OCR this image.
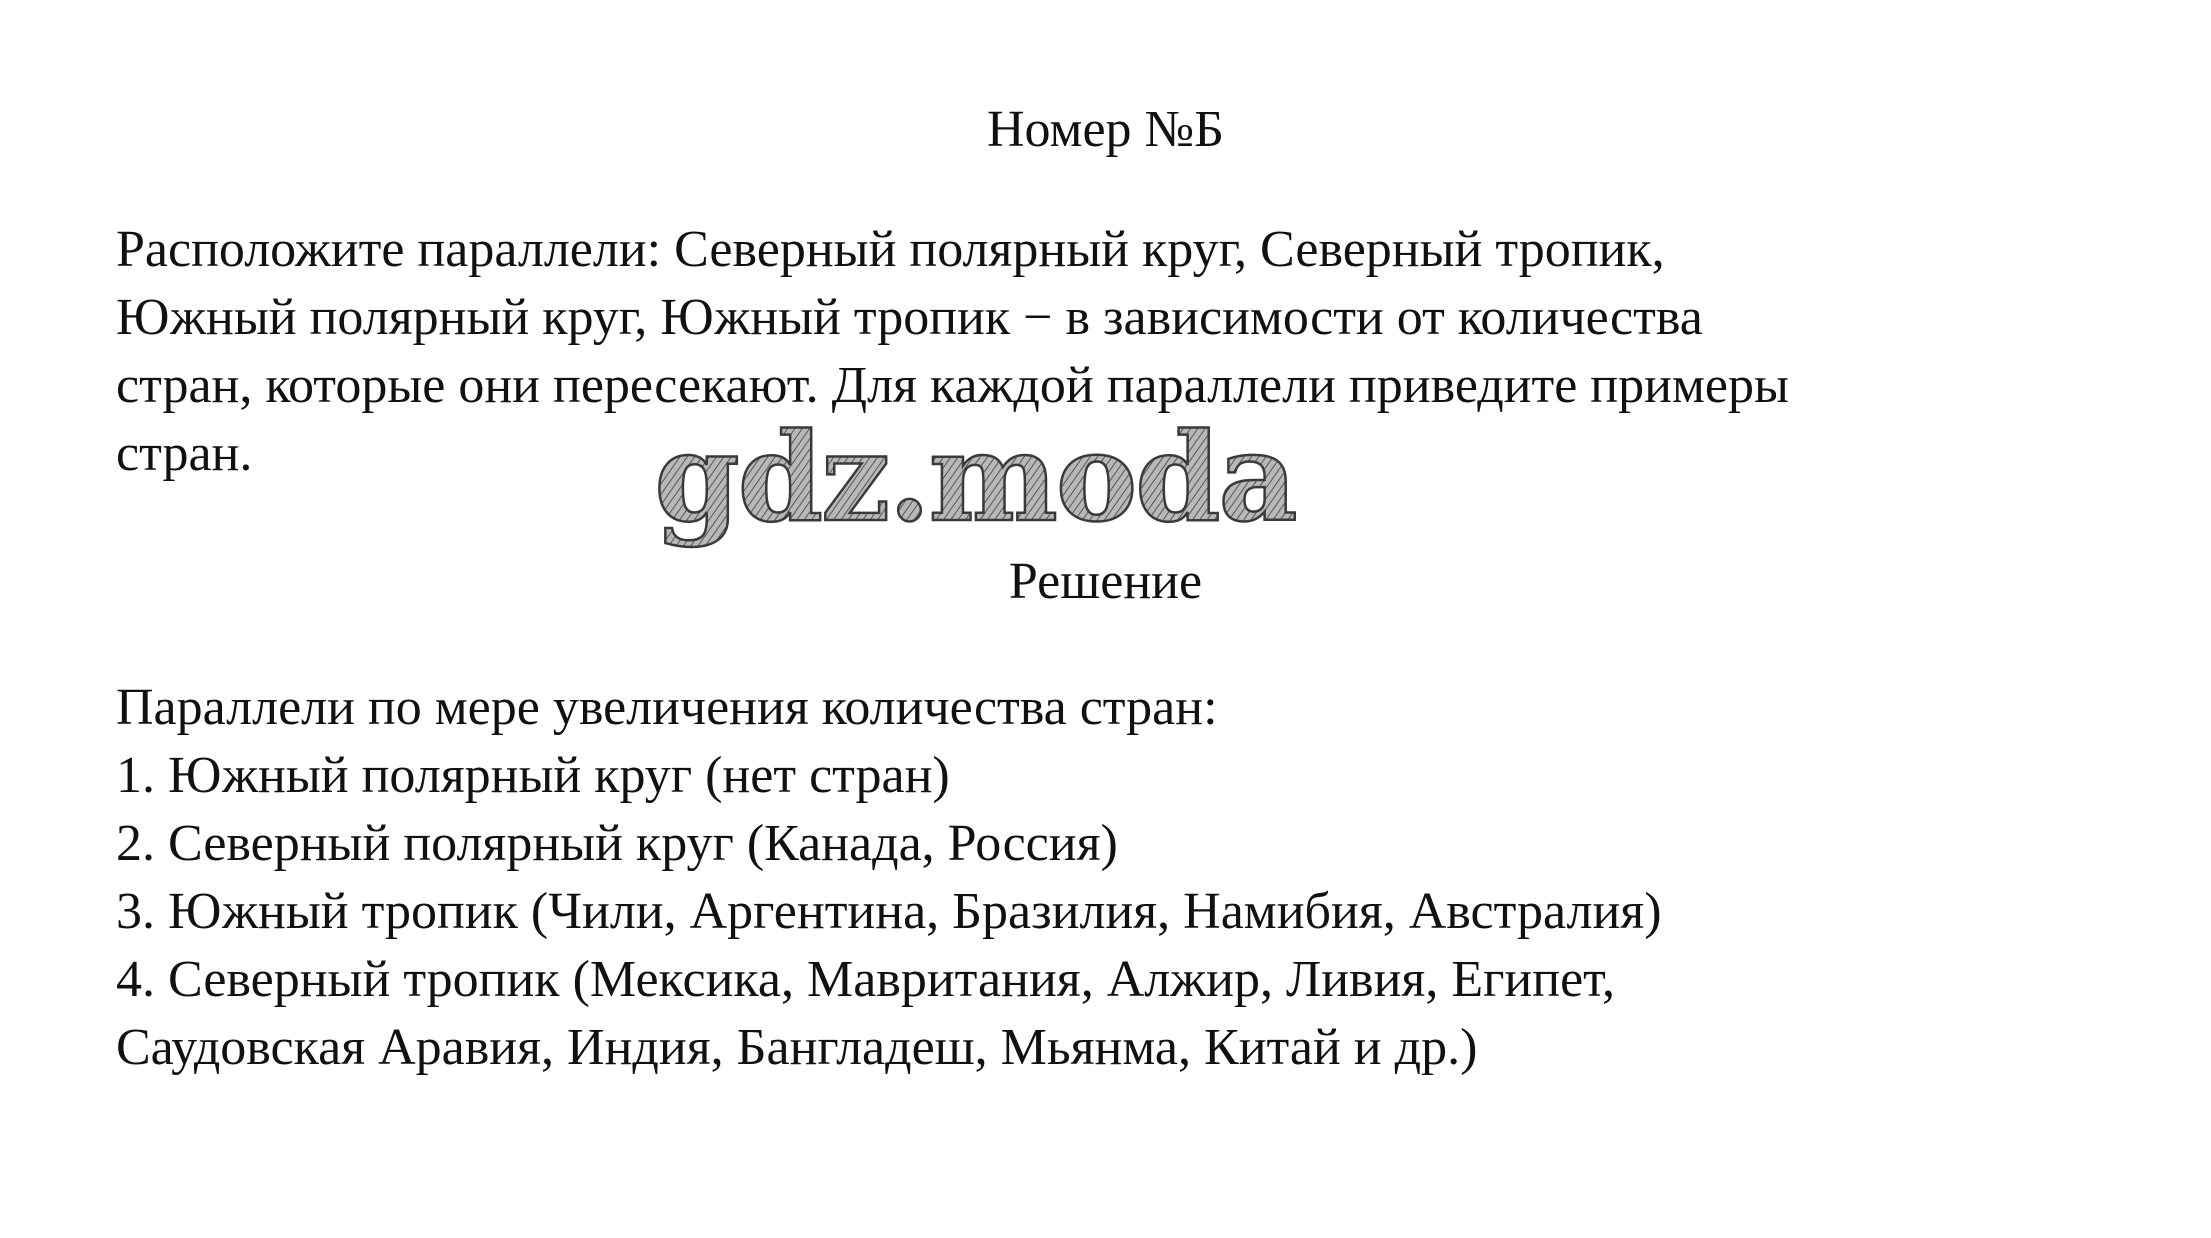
Номер №Б
Расположите параллели: Северный полярный круг, Северный тропик,
Южный полярный круг, Южный тропик − в зависимости от количества
стран, которые они пересекают. Для каждой параллели приведите примеры
стран.	gdz.moda
Решение
Параллели по мере увеличения количества стран:
1. Южный полярный круг (нет стран)
2. Северный полярный круг (Канада, Россия)
3. Южный тропик (Чили, Аргентина, Бразилия, Намибия, Австралия)
4. Северный тропик (Мексика, Мавритания, Алжир, Ливия, Египет,
Саудовская Аравия, Индия, Бангладеш, Мьянма, Китай и др.)
